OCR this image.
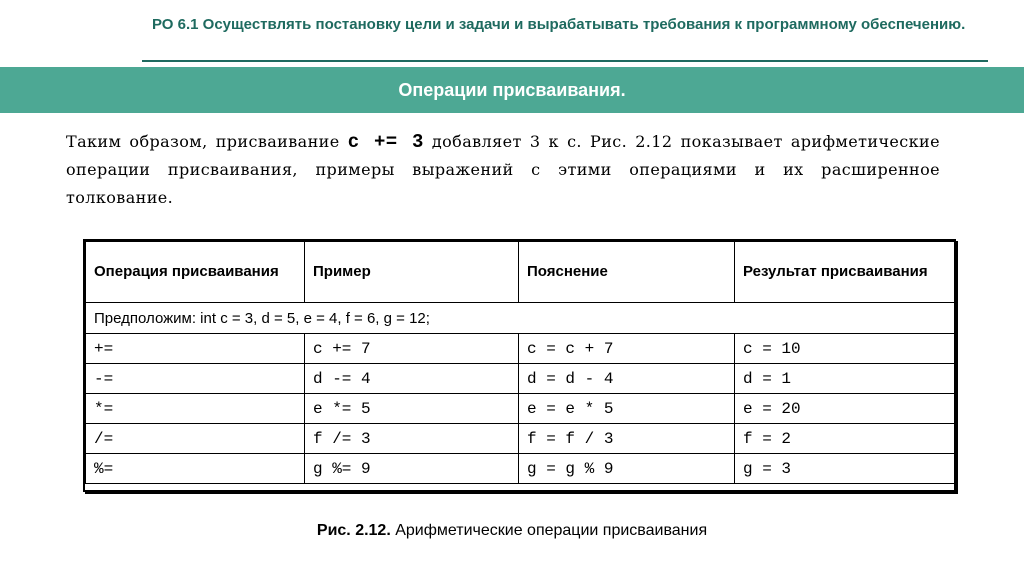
РО 6.1 Осуществлять постановку цели и задачи и вырабатывать требования к программному обеспечению.
Операции присваивания.
Таким образом, присваивание c += 3 добавляет 3 к с. Рис. 2.12 показывает арифметические операции присваивания, примеры выражений с этими операциями и их расширенное толкование.
Операция присваивания	Пример	Пояснение	Результат присваивания
Предположим: int c = 3, d = 5, e = 4, f = 6, g = 12;			
+=	c += 7	c = c + 7	c = 10
-=	d -= 4	d = d - 4	d = 1
*=	e *= 5	e = e * 5	e = 20
/=	f /= 3	f = f / 3	f = 2
%=	g %= 9	g = g % 9	g = 3
Рис. 2.12. Арифметические операции присваивания
